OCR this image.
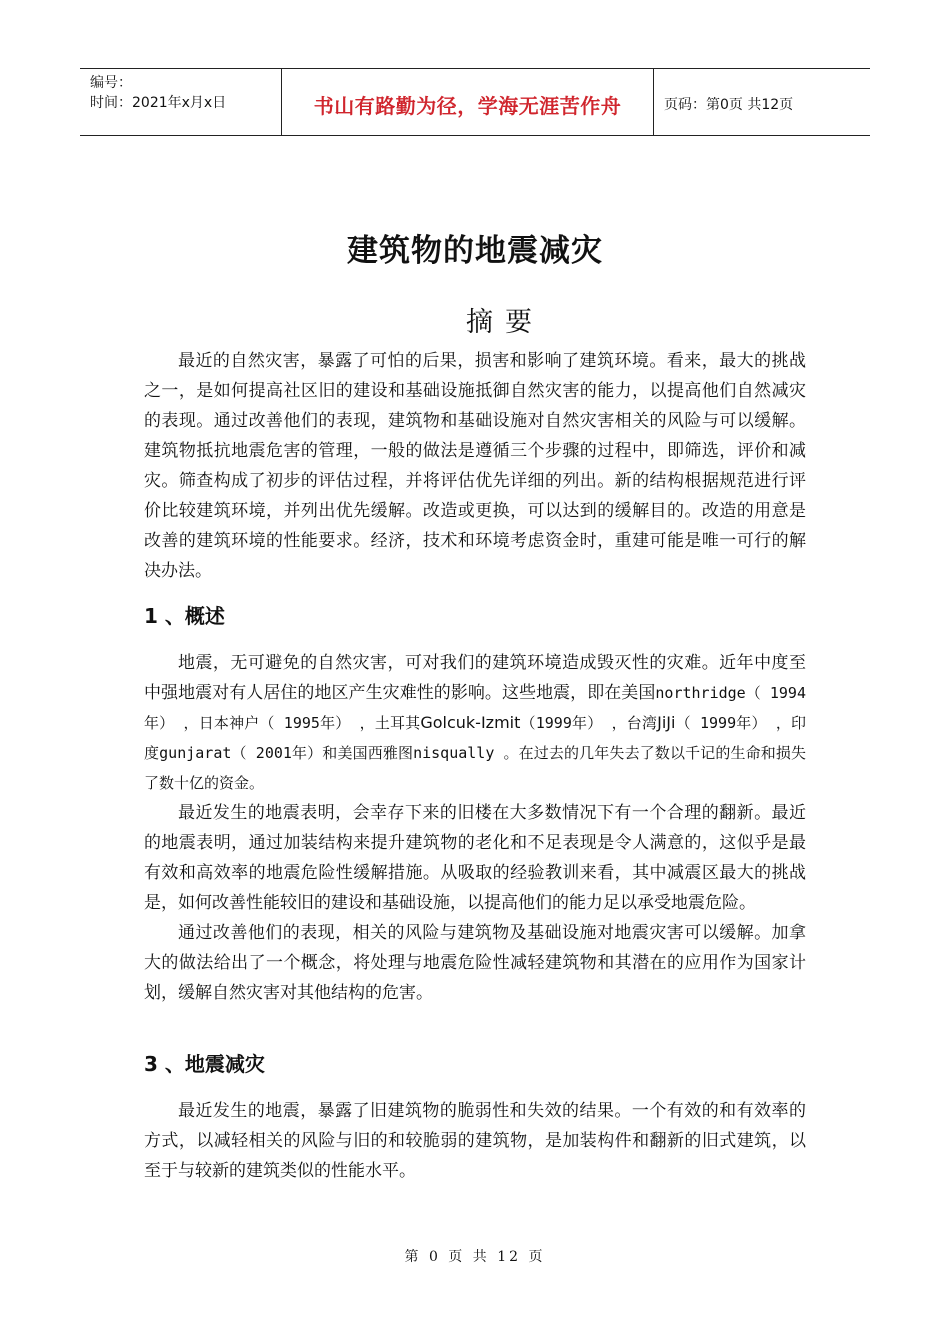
编号：
时间：2021年x月x日	书山有路勤为径，学海无涯苦作舟	页码：第0页 共12页
建筑物的地震减灾
摘要

最近的自然灾害，暴露了可怕的后果，损害和影响了建筑环境。看来，最大的挑战之一，是如何提高社区旧的建设和基础设施抵御自然灾害的能力，以提高他们自然减灾的表现。通过改善他们的表现，建筑物和基础设施对自然灾害相关的风险与可以缓解。建筑物抵抗地震危害的管理，一般的做法是遵循三个步骤的过程中，即筛选，评价和减灾。筛查构成了初步的评估过程，并将评估优先详细的列出。新的结构根据规范进行评价比较建筑环境，并列出优先缓解。改造或更换，可以达到的缓解目的。改造的用意是改善的建筑环境的性能要求。经济，技术和环境考虑资金时，重建可能是唯一可行的解决办法。

1 、概述

地震，无可避免的自然灾害，可对我们的建筑环境造成毁灭性的灾难。近年中度至中强地震对有人居住的地区产生灾难性的影响。这些地震，即在美国northridge（ 1994年） ，日本神户（ 1995年） ，土耳其Golcuk-Izmit（1999年） ，台湾JiJi（ 1999年） ，印度gunjarat（ 2001年）和美国西雅图nisqually 。在过去的几年失去了数以千记的生命和损失了数十亿的资金。

最近发生的地震表明，会幸存下来的旧楼在大多数情况下有一个合理的翻新。最近的地震表明，通过加装结构来提升建筑物的老化和不足表现是令人满意的，这似乎是最有效和高效率的地震危险性缓解措施。从吸取的经验教训来看，其中减震区最大的挑战是，如何改善性能较旧的建设和基础设施，以提高他们的能力足以承受地震危险。

通过改善他们的表现，相关的风险与建筑物及基础设施对地震灾害可以缓解。加拿大的做法给出了一个概念，将处理与地震危险性减轻建筑物和其潜在的应用作为国家计划，缓解自然灾害对其他结构的危害。

3 、地震减灾

最近发生的地震，暴露了旧建筑物的脆弱性和失效的结果。一个有效的和有效率的方式，以减轻相关的风险与旧的和较脆弱的建筑物，是加装构件和翻新的旧式建筑，以至于与较新的建筑类似的性能水平。

第 0 页 共 12 页
